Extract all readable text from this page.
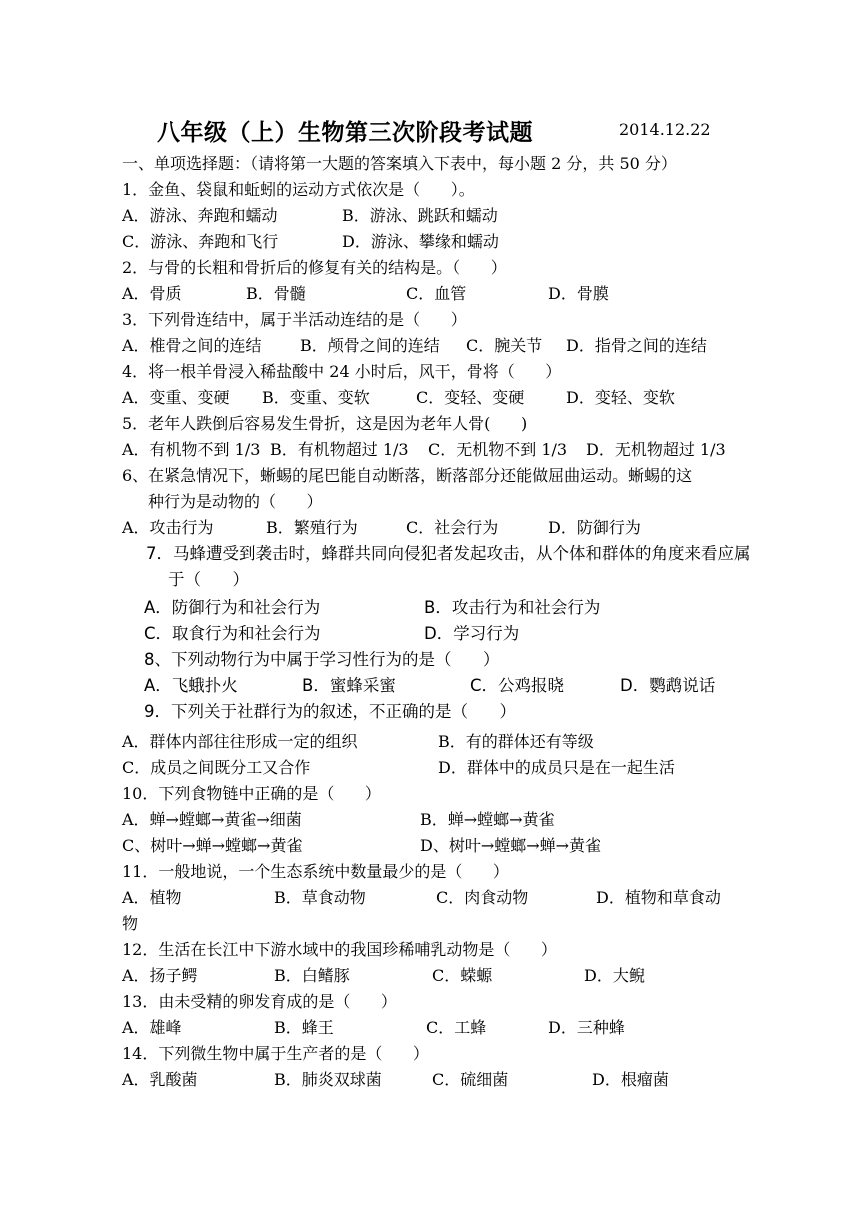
八年级（上）生物第三次阶段考试题	2014.12.22
一、单项选择题：（请将第一大题的答案填入下表中，每小题 2 分，共 50 分）
1．金鱼、袋鼠和蚯蚓的运动方式依次是（      ）。
A．游泳、奔跑和蠕动	B．游泳、跳跃和蠕动
C．游泳、奔跑和飞行	D．游泳、攀缘和蠕动
2．与骨的长粗和骨折后的修复有关的结构是。（      ）
A．骨质	B．骨髓	C．血管	D．骨膜
3．下列骨连结中，属于半活动连结的是（      ）
A．椎骨之间的连结 B．颅骨之间的连结 C．腕关节 D．指骨之间的连结
4．将一根羊骨浸入稀盐酸中 24 小时后，风干，骨将（      ）
A．变重、变硬 B．变重、变软	C．变轻、变硬	D．变轻、变软
5．老年人跌倒后容易发生骨折，这是因为老年人骨(      )
A．有机物不到 1/3 B．有机物超过 1/3 C．无机物不到 1/3 D．无机物超过 1/3
6、在紧急情况下，蜥蜴的尾巴能自动断落，断落部分还能做屈曲运动。蜥蜴的这
种行为是动物的（      ）
A．攻击行为	B．繁殖行为	C．社会行为	D．防御行为
7．马蜂遭受到袭击时，蜂群共同向侵犯者发起攻击，从个体和群体的角度来看应属
于（      ）
A．防御行为和社会行为	B．攻击行为和社会行为
C．取食行为和社会行为	D．学习行为
8、下列动物行为中属于学习性行为的是（      ）
A．飞蛾扑火	B．蜜蜂采蜜	C．公鸡报晓	D．鹦鹉说话
9．下列关于社群行为的叙述，不正确的是（      ）
A．群体内部往往形成一定的组织	B．有的群体还有等级
C．成员之间既分工又合作	D．群体中的成员只是在一起生活
10．下列食物链中正确的是（      ）
A．蝉→螳螂→黄雀→细菌	B．蝉→螳螂→黄雀
C、树叶→蝉→螳螂→黄雀	D、树叶→螳螂→蝉→黄雀
11．一般地说，一个生态系统中数量最少的是（      ）
A．植物	B．草食动物	C．肉食动物	D．植物和草食动
物
12．生活在长江中下游水域中的我国珍稀哺乳动物是（      ）
A．扬子鳄	B．白鳍豚	C．蝾螈	D．大鲵
13．由未受精的卵发育成的是（      ）
A．雄峰	B．蜂王	C．工蜂	D．三种蜂
14．下列微生物中属于生产者的是（      ）
A．乳酸菌	B．肺炎双球菌	C．硫细菌	D．根瘤菌
